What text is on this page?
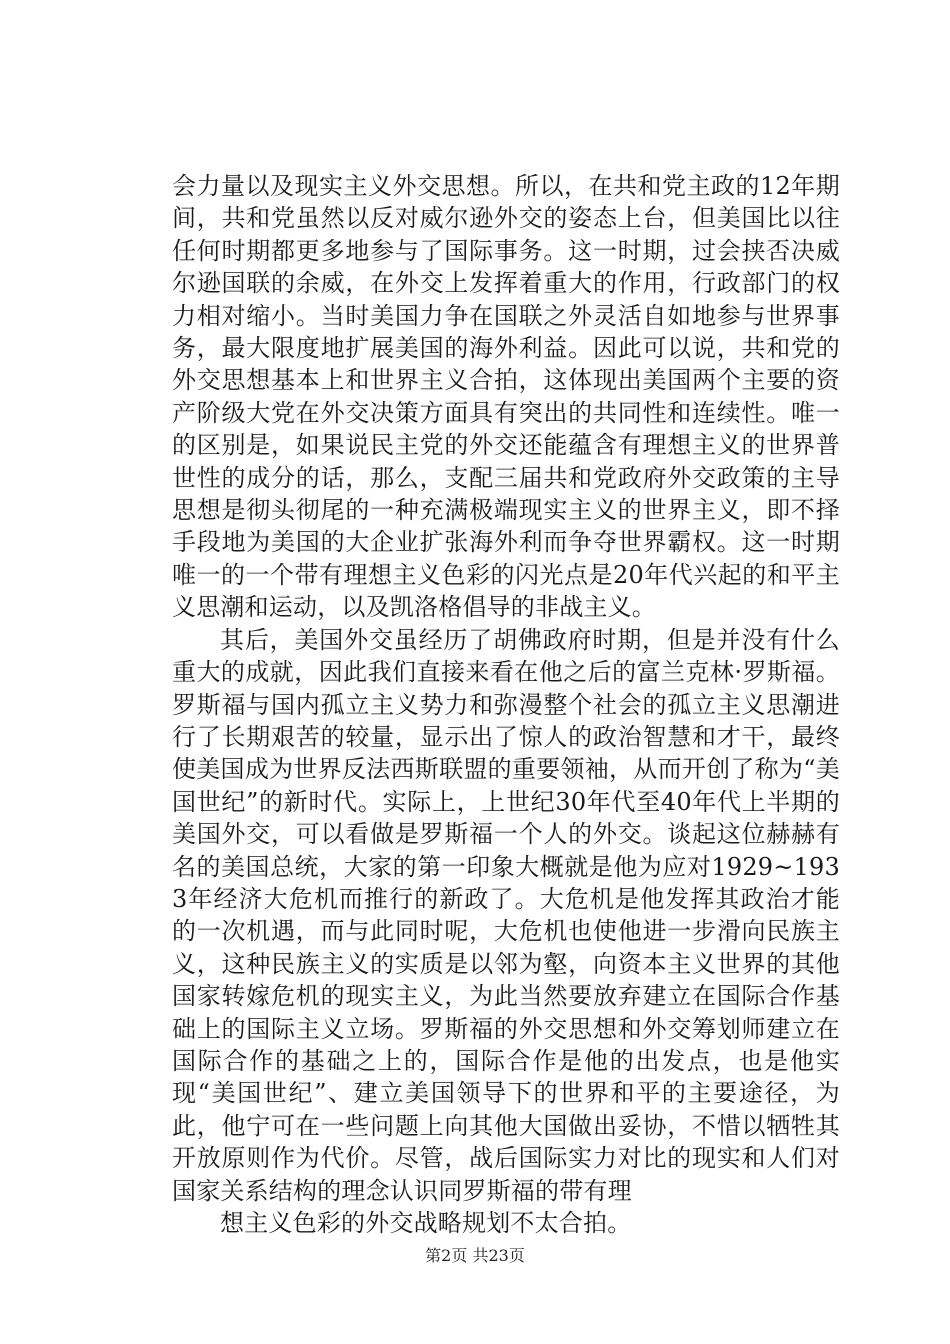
会力量以及现实主义外交思想。所以，在共和党主政的12年期间，共和党虽然以反对威尔逊外交的姿态上台，但美国比以往任何时期都更多地参与了国际事务。这一时期，过会挟否决威尔逊国联的余威，在外交上发挥着重大的作用，行政部门的权力相对缩小。当时美国力争在国联之外灵活自如地参与世界事务，最大限度地扩展美国的海外利益。因此可以说，共和党的外交思想基本上和世界主义合拍，这体现出美国两个主要的资产阶级大党在外交决策方面具有突出的共同性和连续性。唯一的区别是，如果说民主党的外交还能蕴含有理想主义的世界普世性的成分的话，那么，支配三届共和党政府外交政策的主导思想是彻头彻尾的一种充满极端现实主义的世界主义，即不择手段地为美国的大企业扩张海外利而争夺世界霸权。这一时期唯一的一个带有理想主义色彩的闪光点是20年代兴起的和平主义思潮和运动，以及凯洛格倡导的非战主义。

其后，美国外交虽经历了胡佛政府时期，但是并没有什么重大的成就，因此我们直接来看在他之后的富兰克林·罗斯福。罗斯福与国内孤立主义势力和弥漫整个社会的孤立主义思潮进行了长期艰苦的较量，显示出了惊人的政治智慧和才干，最终使美国成为世界反法西斯联盟的重要领袖，从而开创了称为“美国世纪”的新时代。实际上，上世纪30年代至40年代上半期的美国外交，可以看做是罗斯福一个人的外交。谈起这位赫赫有名的美国总统，大家的第一印象大概就是他为应对1929~1933年经济大危机而推行的新政了。大危机是他发挥其政治才能的一次机遇，而与此同时呢，大危机也使他进一步滑向民族主义，这种民族主义的实质是以邻为壑，向资本主义世界的其他国家转嫁危机的现实主义，为此当然要放弃建立在国际合作基础上的国际主义立场。罗斯福的外交思想和外交筹划师建立在国际合作的基础之上的，国际合作是他的出发点，也是他实现“美国世纪”、建立美国领导下的世界和平的主要途径，为此，他宁可在一些问题上向其他大国做出妥协，不惜以牺牲其开放原则作为代价。尽管，战后国际实力对比的现实和人们对国家关系结构的理念认识同罗斯福的带有理

想主义色彩的外交战略规划不太合拍。

第2页 共23页
